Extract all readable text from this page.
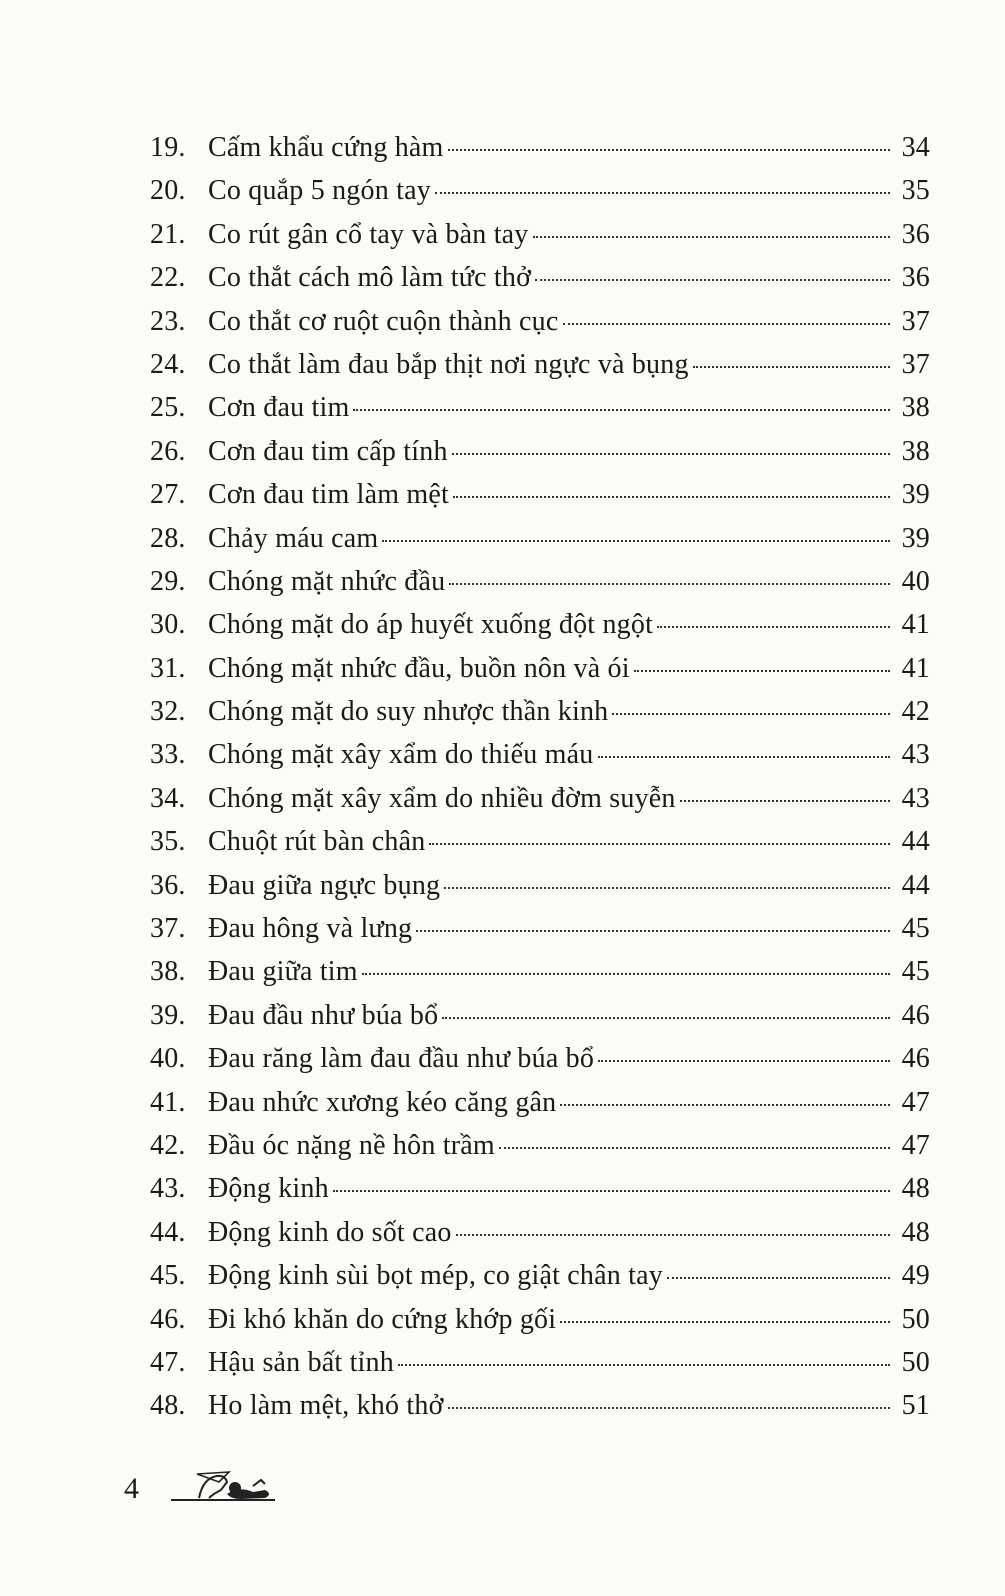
19. Cấm khẩu cứng hàm	34
20. Co quắp 5 ngón tay	35
21. Co rút gân cổ tay và bàn tay	36
22. Co thắt cách mô làm tức thở	36
23. Co thắt cơ ruột cuộn thành cục	37
24. Co thắt làm đau bắp thịt nơi ngực và bụng	37
25. Cơn đau tim	38
26. Cơn đau tim cấp tính	38
27. Cơn đau tim làm mệt	39
28. Chảy máu cam	39
29. Chóng mặt nhức đầu	40
30. Chóng mặt do áp huyết xuống đột ngột	41
31. Chóng mặt nhức đầu, buồn nôn và ói	41
32. Chóng mặt do suy nhược thần kinh	42
33. Chóng mặt xây xẩm do thiếu máu	43
34. Chóng mặt xây xẩm do nhiều đờm suyễn	43
35. Chuột rút bàn chân	44
36. Đau giữa ngực bụng	44
37. Đau hông và lưng	45
38. Đau giữa tim	45
39. Đau đầu như búa bổ	46
40. Đau răng làm đau đầu như búa bổ	46
41. Đau nhức xương kéo căng gân	47
42. Đầu óc nặng nề hôn trầm	47
43. Động kinh	48
44. Động kinh do sốt cao	48
45. Động kinh sùi bọt mép, co giật chân tay	49
46. Đi khó khăn do cứng khớp gối	50
47. Hậu sản bất tỉnh	50
48. Ho làm mệt, khó thở	51
4
